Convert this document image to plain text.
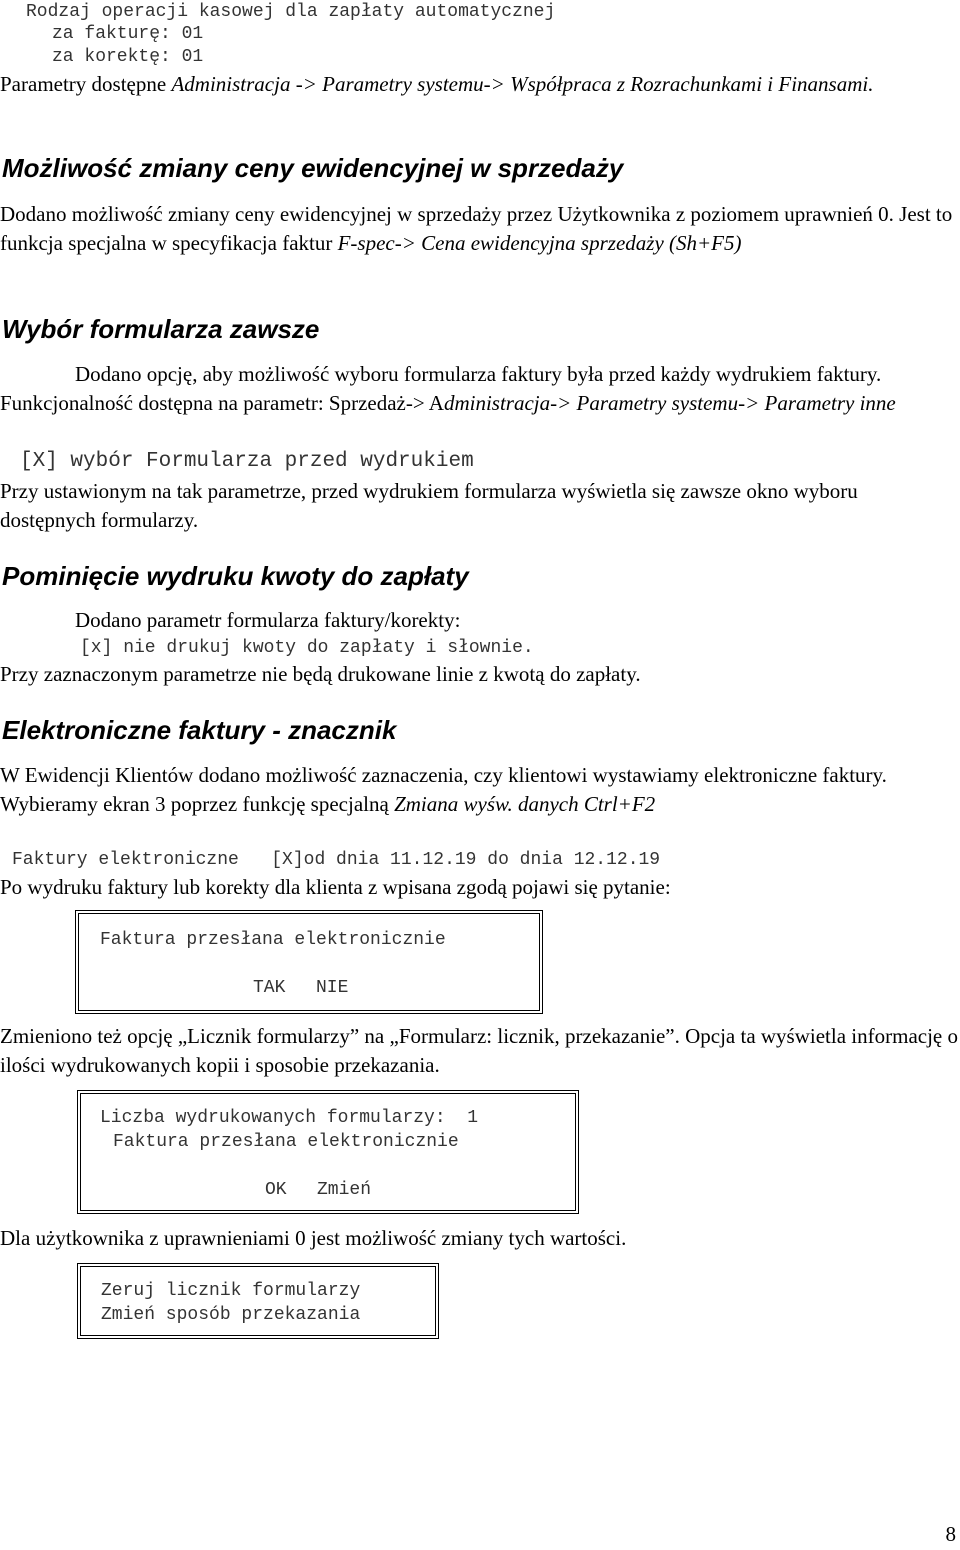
Rodzaj operacji kasowej dla zapłaty automatycznej
za fakturę: 01
za korektę: 01

Parametry dostępne Administracja -> Parametry systemu-> Współpraca z Rozrachunkami i Finansami.

Możliwość zmiany ceny ewidencyjnej w sprzedaży

Dodano możliwość zmiany ceny ewidencyjnej w sprzedaży przez Użytkownika z poziomem uprawnień 0. Jest to funkcja specjalna w specyfikacja faktur F-spec-> Cena ewidencyjna sprzedaży (Sh+F5)

Wybór formularza zawsze

Dodano opcję, aby możliwość wyboru formularza faktury była przed każdy wydrukiem faktury. Funkcjonalność dostępna na parametr: Sprzedaż-> Administracja-> Parametry systemu-> Parametry inne

[X] wybór Formularza przed wydrukiem

Przy ustawionym na tak parametrze, przed wydrukiem formularza wyświetla się zawsze okno wyboru dostępnych formularzy.

Pominięcie wydruku kwoty do zapłaty

Dodano parametr formularza faktury/korekty:

[x] nie drukuj kwoty do zapłaty i słownie.

Przy zaznaczonym parametrze nie będą drukowane linie z kwotą do zapłaty.

Elektroniczne faktury - znacznik

W Ewidencji Klientów dodano możliwość zaznaczenia, czy klientowi wystawiamy elektroniczne faktury. Wybieramy ekran 3 poprzez funkcję specjalną Zmiana wyśw. danych Ctrl+F2

Faktury elektroniczne   [X]od dnia 11.12.19 do dnia 12.12.19

Po wydruku faktury lub korekty dla klienta z wpisana zgodą pojawi się pytanie:

Faktura przesłana elektronicznie
TAK NIE

Zmieniono też opcję „Licznik formularzy” na „Formularz: licznik, przekazanie”. Opcja ta wyświetla informację o ilości wydrukowanych kopii i sposobie przekazania.

Liczba wydrukowanych formularzy:  1
Faktura przesłana elektronicznie
OK Zmień

Dla użytkownika z uprawnieniami 0 jest możliwość zmiany tych wartości.

Zeruj licznik formularzy
Zmień sposób przekazania
8
